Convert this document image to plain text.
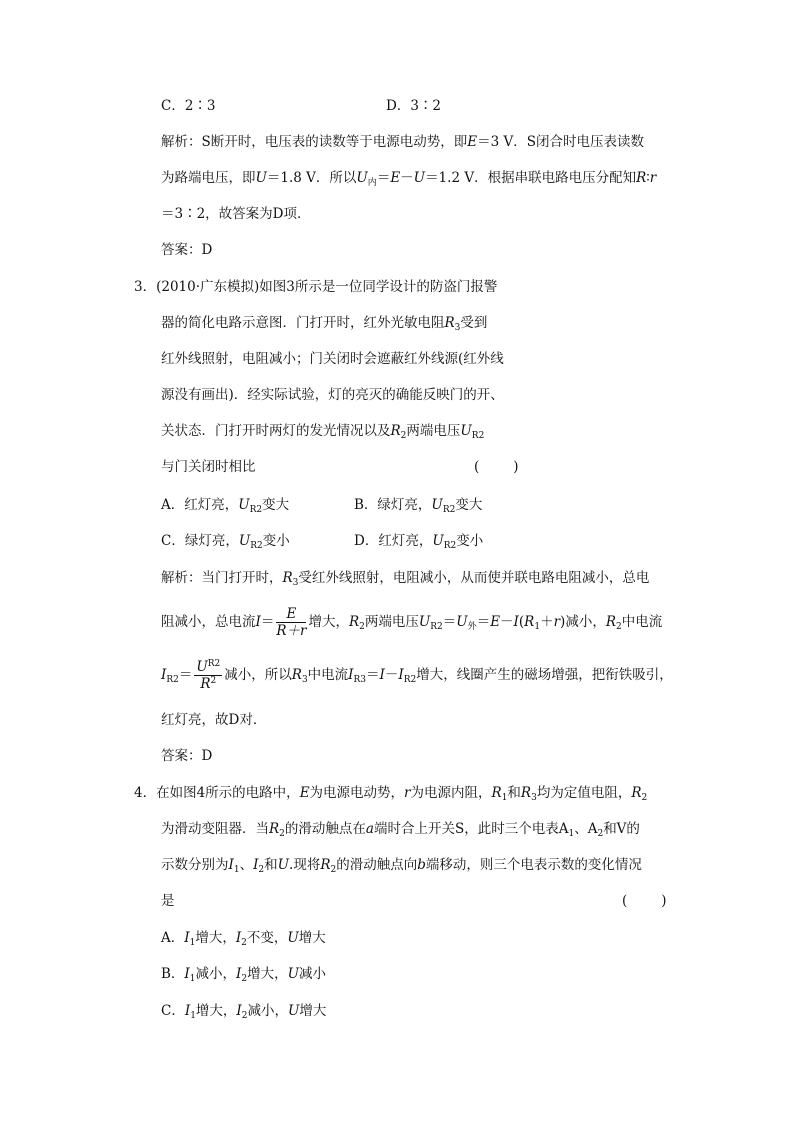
C．2∶3	D．3∶2
解析：S断开时，电压表的读数等于电源电动势，即E＝3 V．S闭合时电压表读数
为路端电压，即U＝1.8 V．所以$U_内=E-U=1.2$ V．根据串联电路电压分配知R∶r
＝3∶2，故答案为D项．
答案：D
3．(2010·广东模拟)如图3所示是一位同学设计的防盗门报警
器的简化电路示意图．门打开时，红外光敏电阻$R_3$受到
红外线照射，电阻减小；门关闭时会遮蔽红外线源(红外线
源没有画出)．经实际试验，灯的亮灭的确能反映门的开、
关状态．门打开时两灯的发光情况以及$R_2$两端电压$U_{R2}$
与门关闭时相比	(	)
A．红灯亮，$U_{R2}$变大	B．绿灯亮，$U_{R2}$变大
C．绿灯亮，$U_{R2}$变小	D．红灯亮，$U_{R2}$变小
解析：当门打开时，$R_3$受红外线照射，电阻减小，从而使并联电路电阻减小，总电
阻减小，总电流$I= \frac{E}{R+r}$ 增大，$R_2$两端电压$U_{R2}=U_外=E-I(R_1+r)$减小，$R_2$中电流
$I_{R2}= \frac{U^{R2}}{R^2}$ 减小，所以$R_3$中电流$I_{R3}=I-I_{R2}$增大，线圈产生的磁场增强，把衔铁吸引，
红灯亮，故D对．
答案：D
4．在如图4所示的电路中，E为电源电动势，r为电源内阻，$R_1$和$R_3$均为定值电阻，$R_2$
为滑动变阻器．当$R_2$的滑动触点在a端时合上开关S，此时三个电表$A_1$、$A_2$和V的
示数分别为$I_1$、$I_2$和U.现将$R_2$的滑动触点向b端移动，则三个电表示数的变化情况
是	(	)
A．$I_1$增大，$I_2$不变，U增大
B．$I_1$减小，$I_2$增大，U减小
C．$I_1$增大，$I_2$减小，U增大
